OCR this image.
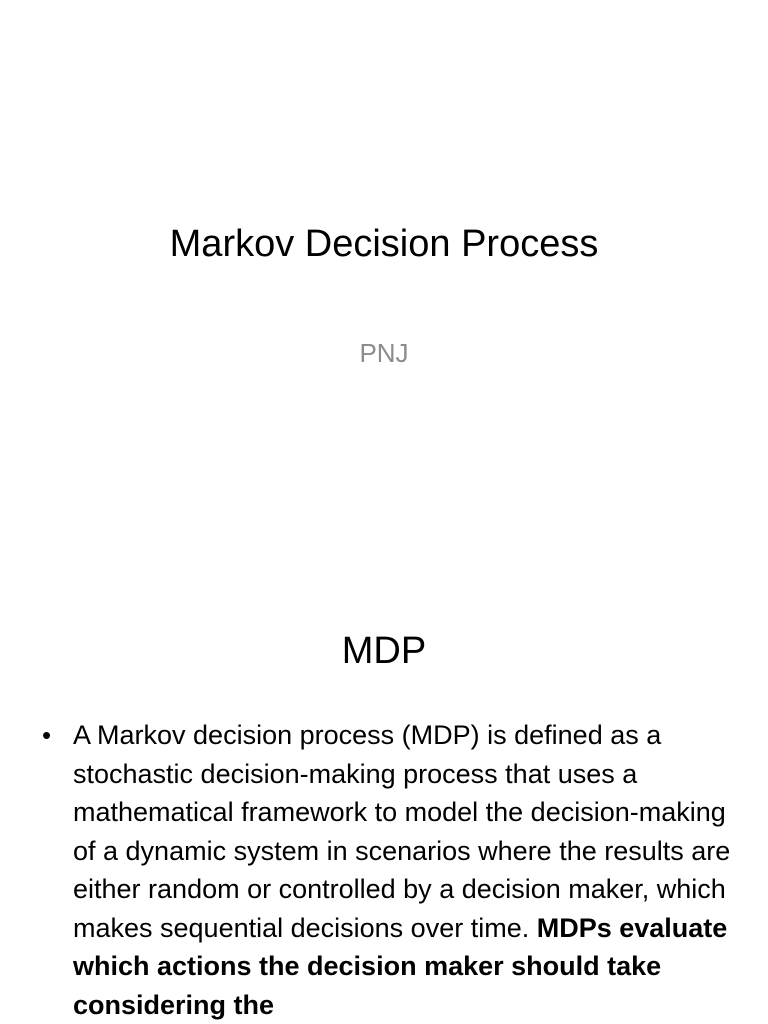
Markov Decision Process
PNJ
MDP
• A Markov decision process (MDP) is defined as a stochastic decision-making process that uses a mathematical framework to model the decision-making of a dynamic system in scenarios where the results are either random or controlled by a decision maker, which makes sequential decisions over time. MDPs evaluate which actions the decision maker should take considering the
